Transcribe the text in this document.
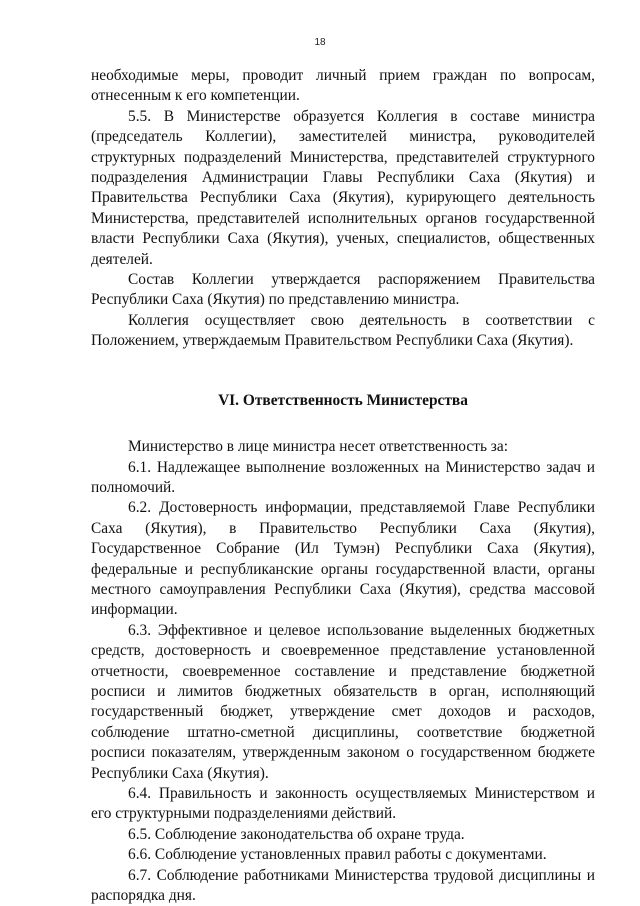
18

необходимые меры, проводит личный прием граждан по вопросам, отнесенным к его компетенции.

5.5. В Министерстве образуется Коллегия в составе министра (председатель Коллегии), заместителей министра, руководителей структурных подразделений Министерства, представителей структурного подразделения Администрации Главы Республики Саха (Якутия) и Правительства Республики Саха (Якутия), курирующего деятельность Министерства, представителей исполнительных органов государственной власти Республики Саха (Якутия), ученых, специалистов, общественных деятелей.

Состав Коллегии утверждается распоряжением Правительства Республики Саха (Якутия) по представлению министра.

Коллегия осуществляет свою деятельность в соответствии с Положением, утверждаемым Правительством Республики Саха (Якутия).

VI. Ответственность Министерства

Министерство в лице министра несет ответственность за:

6.1. Надлежащее выполнение возложенных на Министерство задач и полномочий.

6.2. Достоверность информации, представляемой Главе Республики Саха (Якутия), в Правительство Республики Саха (Якутия), Государственное Собрание (Ил Тумэн) Республики Саха (Якутия), федеральные и республиканские органы государственной власти, органы местного самоуправления Республики Саха (Якутия), средства массовой информации.

6.3. Эффективное и целевое использование выделенных бюджетных средств, достоверность и своевременное представление установленной отчетности, своевременное составление и представление бюджетной росписи и лимитов бюджетных обязательств в орган, исполняющий государственный бюджет, утверждение смет доходов и расходов, соблюдение штатно-сметной дисциплины, соответствие бюджетной росписи показателям, утвержденным законом о государственном бюджете Республики Саха (Якутия).

6.4. Правильность и законность осуществляемых Министерством и его структурными подразделениями действий.

6.5. Соблюдение законодательства об охране труда.

6.6. Соблюдение установленных правил работы с документами.

6.7. Соблюдение работниками Министерства трудовой дисциплины и распорядка дня.
